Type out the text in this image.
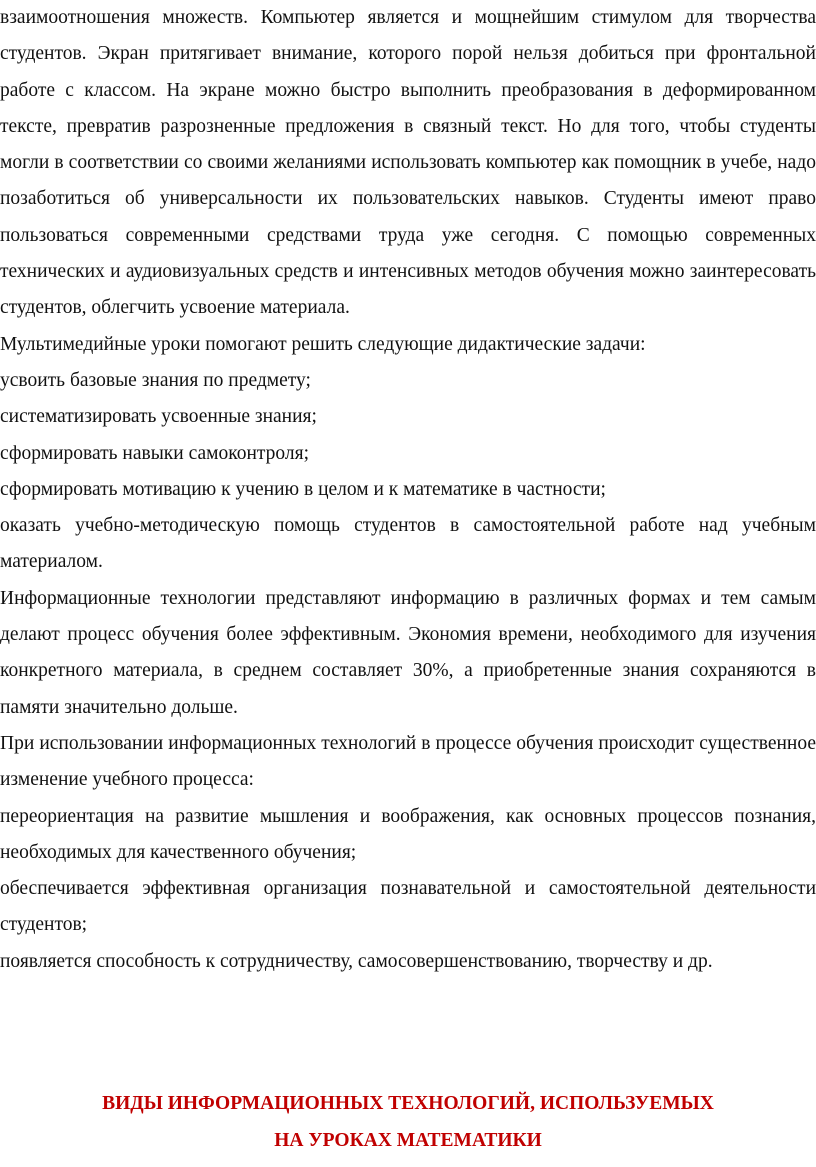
взаимоотношения множеств. Компьютер является и мощнейшим стимулом для творчества студентов. Экран притягивает внимание, которого порой нельзя добиться при фронтальной работе с классом. На экране можно быстро выполнить преобразования в деформированном тексте, превратив разрозненные предложения в связный текст. Но для того, чтобы студенты могли в соответствии со своими желаниями использовать компьютер как помощник в учебе, надо позаботиться об универсальности их пользовательских навыков. Студенты имеют право пользоваться современными средствами труда уже сегодня. С помощью современных технических и аудиовизуальных средств и интенсивных методов обучения можно заинтересовать студентов, облегчить усвоение материала.

Мультимедийные уроки помогают решить следующие дидактические задачи:

усвоить базовые знания по предмету;

систематизировать усвоенные знания;

сформировать навыки самоконтроля;

сформировать мотивацию к учению в целом и к математике в частности;

оказать учебно-методическую помощь студентов в самостоятельной работе над учебным материалом.

Информационные технологии представляют информацию в различных формах и тем самым делают процесс обучения более эффективным. Экономия времени, необходимого для изучения конкретного материала, в среднем составляет 30%, а приобретенные знания сохраняются в памяти значительно дольше.

При использовании информационных технологий в процессе обучения происходит существенное изменение учебного процесса:

переориентация на развитие мышления и воображения, как основных процессов познания, необходимых для качественного обучения;

обеспечивается эффективная организация познавательной и самостоятельной деятельности студентов;

появляется способность к сотрудничеству, самосовершенствованию, творчеству и др.

ВИДЫ ИНФОРМАЦИОННЫХ ТЕХНОЛОГИЙ, ИСПОЛЬЗУЕМЫХ
НА УРОКАХ МАТЕМАТИКИ
